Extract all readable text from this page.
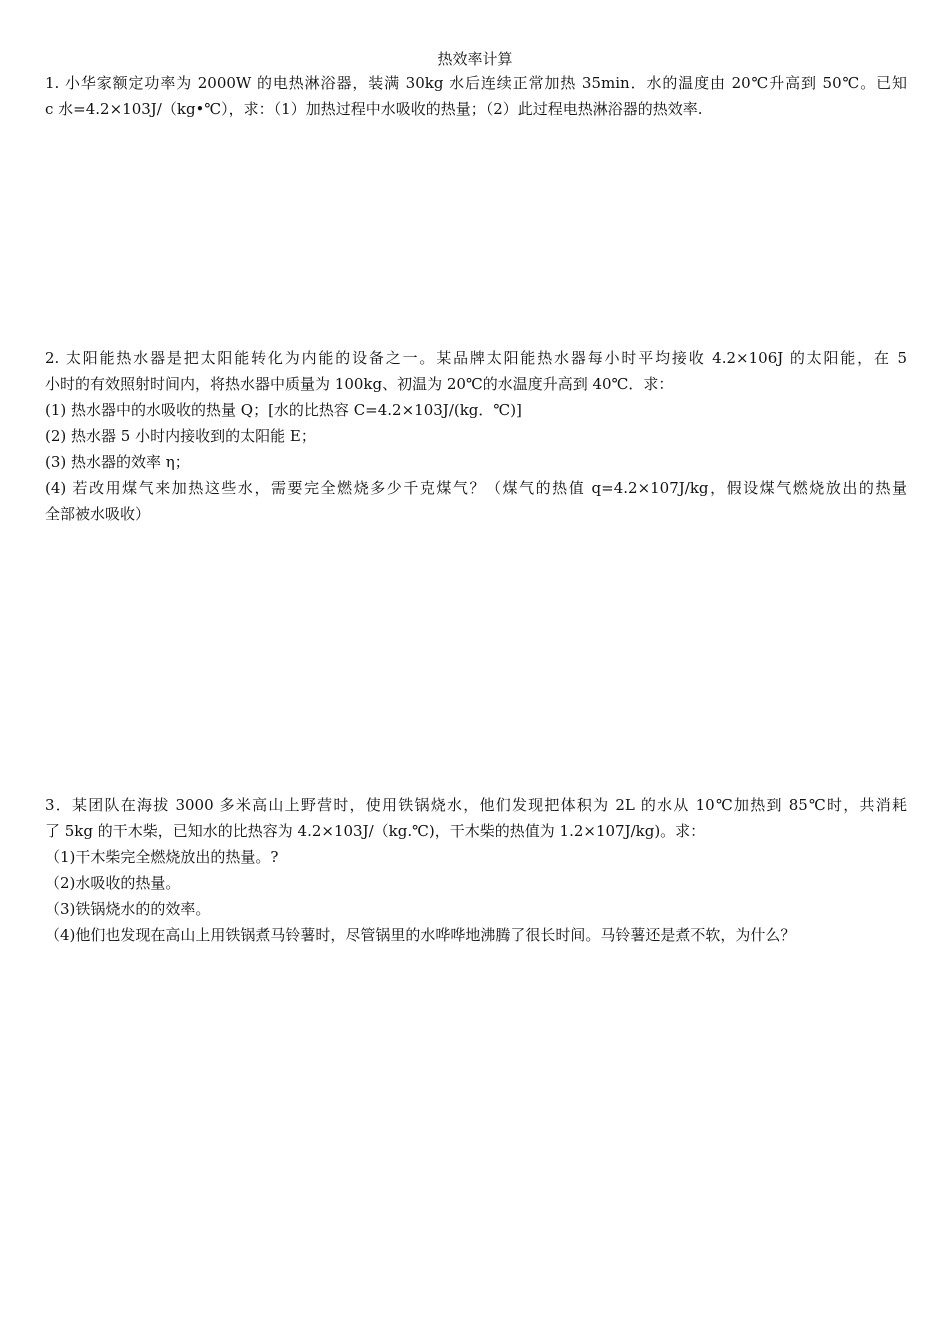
热效率计算
1. 小华家额定功率为 2000W 的电热淋浴器，装满 30kg 水后连续正常加热 35min．水的温度由 20℃升高到 50℃。已知
c 水=4.2×103J/（kg•℃），求：（1）加热过程中水吸收的热量；（2）此过程电热淋浴器的热效率.
2. 太阳能热水器是把太阳能转化为内能的设备之一。某品牌太阳能热水器每小时平均接收 4.2×106J 的太阳能，在 5
小时的有效照射时间内，将热水器中质量为 100kg、初温为 20℃的水温度升高到 40℃．求：
(1) 热水器中的水吸收的热量 Q；[水的比热容 C=4.2×103J/(kg．℃)]
(2) 热水器 5 小时内接收到的太阳能 E；
(3) 热水器的效率 η；
(4) 若改用煤气来加热这些水，需要完全燃烧多少千克煤气？（煤气的热值 q=4.2×107J/kg，假设煤气燃烧放出的热量
全部被水吸收）
3．某团队在海拔 3000 多米高山上野营时，使用铁锅烧水，他们发现把体积为 2L 的水从 10℃加热到 85℃时，共消耗
了 5kg 的干木柴，已知水的比热容为 4.2×103J/（kg.℃)，干木柴的热值为 1.2×107J/kg)。求：
（1)干木柴完全燃烧放出的热量。?
（2)水吸收的热量。
（3)铁锅烧水的的效率。
（4)他们也发现在高山上用铁锅煮马铃薯时，尽管锅里的水哗哗地沸腾了很长时间。马铃薯还是煮不软，为什么？
